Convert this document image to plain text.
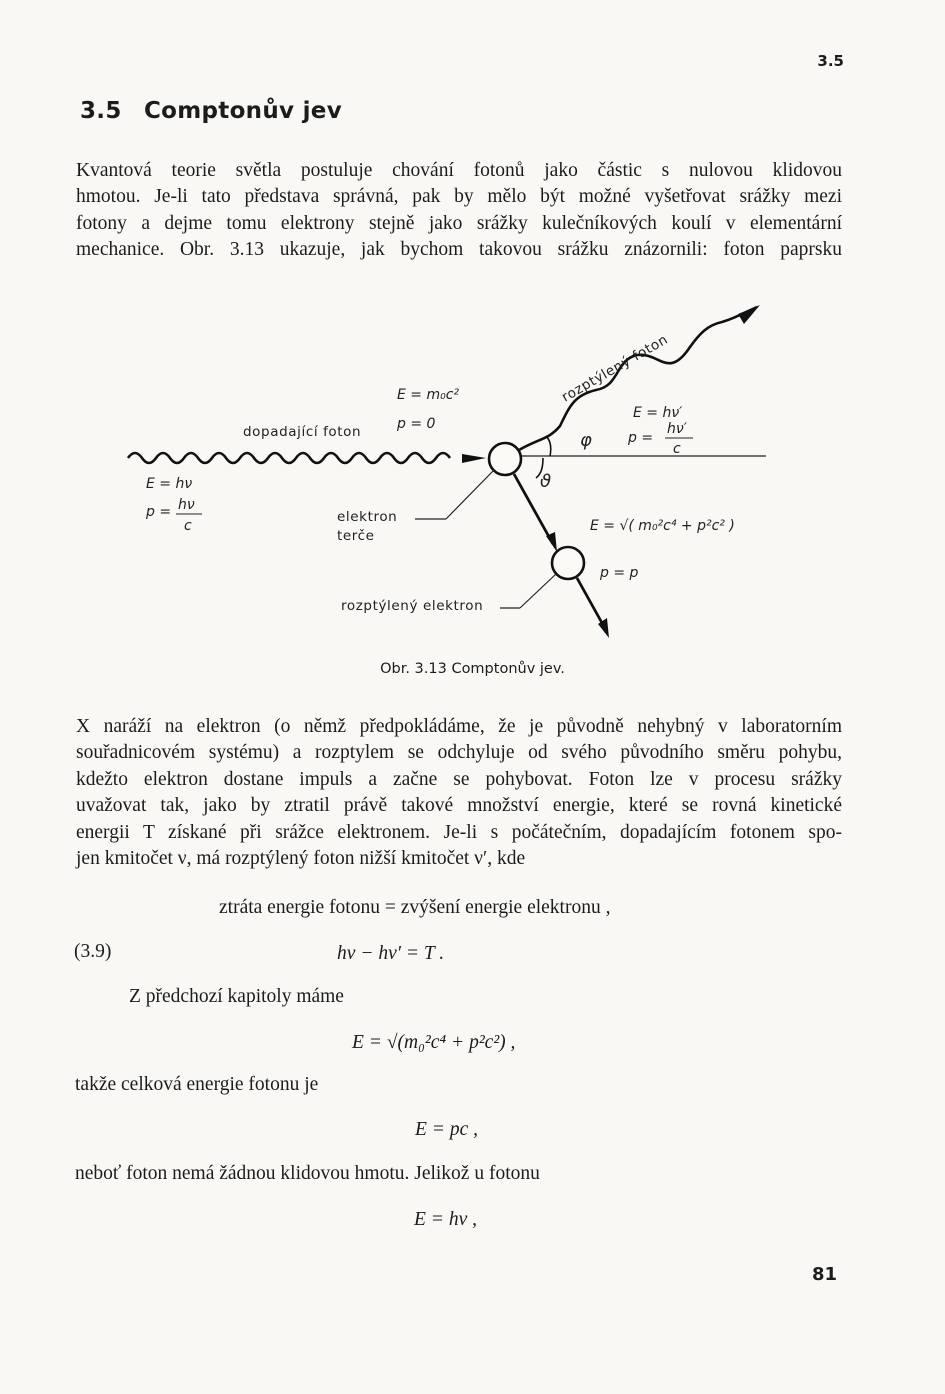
3.5
3.5 Comptonův jev
Kvantová teorie světla postuluje chování fotonů jako částic s nulovou klidovou
hmotou. Je-li tato představa správná, pak by mělo být možné vyšetřovat srážky mezi
fotony a dejme tomu elektrony stejně jako srážky kulečníkových koulí v elementární
mechanice. Obr. 3.13 ukazuje, jak bychom takovou srážku znázornili: foton paprsku
dopadající foton
rozptýlený foton
elektron
terče
rozptýlený elektron
E = m₀c²
p = 0
E = hν
p = hν
c
E = hν′
p =
hν′
c
E = √( m₀²c⁴ + p²c² )
p = p
φ
ϑ
Obr. 3.13 Comptonův jev.
X naráží na elektron (o němž předpokládáme, že je původně nehybný v laboratorním
souřadnicovém systému) a rozptylem se odchyluje od svého původního směru pohybu,
kdežto elektron dostane impuls a začne se pohybovat. Foton lze v procesu srážky
uvažovat tak, jako by ztratil právě takové množství energie, které se rovná kinetické
energii T získané při srážce elektronem. Je-li s počátečním, dopadajícím fotonem spo-
jen kmitočet ν, má rozptýlený foton nižší kmitočet ν′, kde
ztráta energie fotonu = zvýšení energie elektronu ,
(3.9)	hν − hν′ = T .
Z předchozí kapitoly máme
E = √(m₀²c⁴ + p²c²) ,
takže celková energie fotonu je
E = pc ,
neboť foton nemá žádnou klidovou hmotu. Jelikož u fotonu
E = hν ,
81
